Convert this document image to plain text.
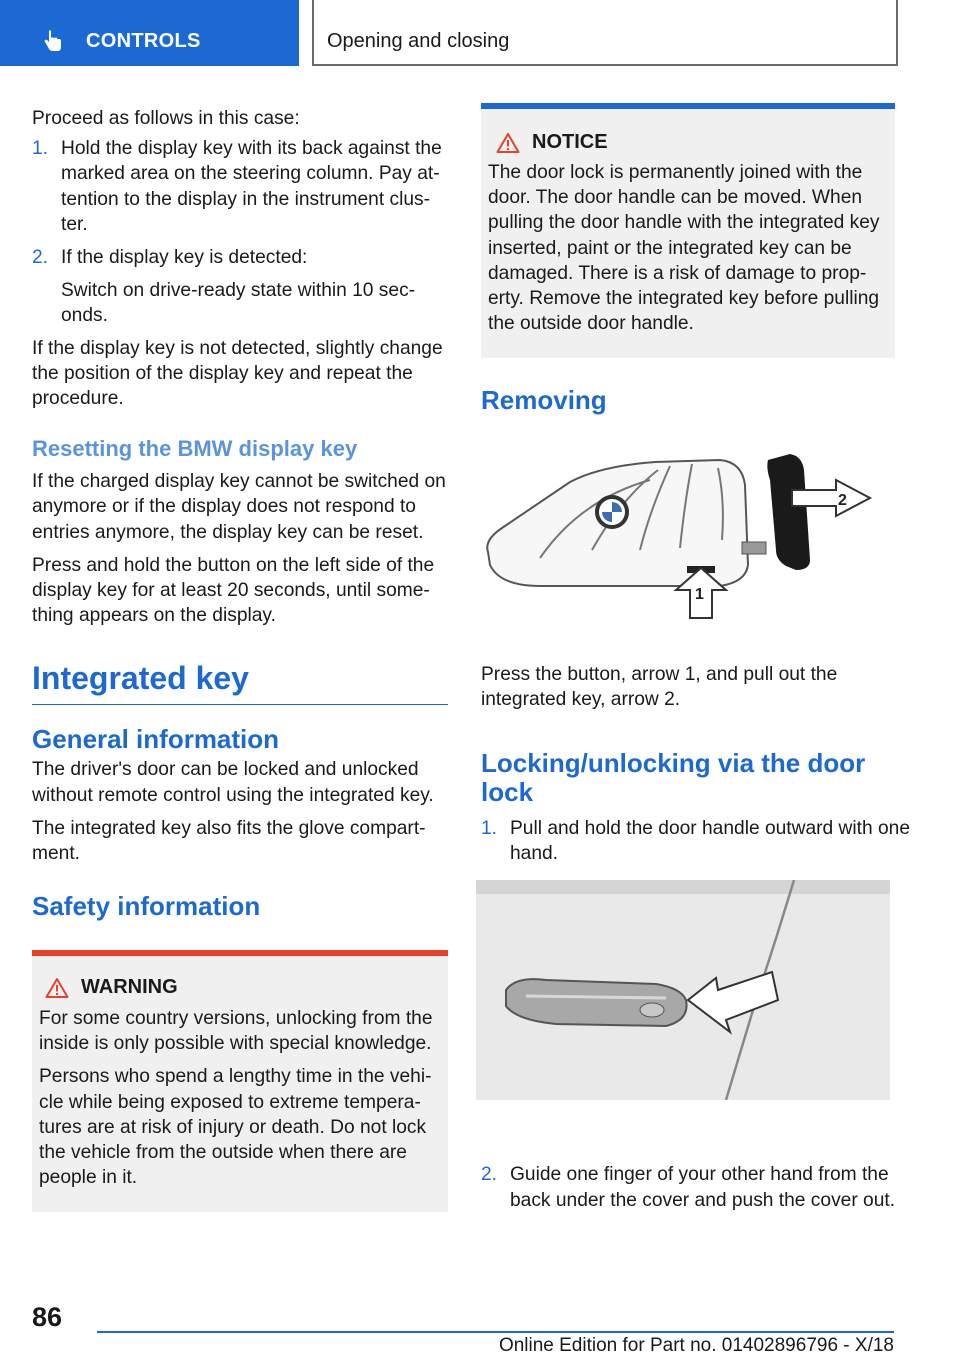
CONTROLS	Opening and closing

Proceed as follows in this case:

1. Hold the display key with its back against the marked area on the steering column. Pay attention to the display in the instrument cluster.
2. If the display key is detected:

Switch on drive-ready state within 10 seconds.

If the display key is not detected, slightly change the position of the display key and repeat the procedure.

Resetting the BMW display key

If the charged display key cannot be switched on anymore or if the display does not respond to entries anymore, the display key can be reset.

Press and hold the button on the left side of the display key for at least 20 seconds, until something appears on the display.

Integrated key
General information

The driver's door can be locked and unlocked without remote control using the integrated key.

The integrated key also fits the glove compartment.

Safety information
WARNING

For some country versions, unlocking from the inside is only possible with special knowledge.

Persons who spend a lengthy time in the vehicle while being exposed to extreme temperatures are at risk of injury or death. Do not lock the vehicle from the outside when there are people in it.

NOTICE

The door lock is permanently joined with the door. The door handle can be moved. When pulling the door handle with the integrated key inserted, paint or the integrated key can be damaged. There is a risk of damage to property. Remove the integrated key before pulling the outside door handle.

Removing
2
1

Press the button, arrow 1, and pull out the integrated key, arrow 2.

Locking/unlocking via the door lock
1. Pull and hold the door handle outward with one hand.
2. Guide one finger of your other hand from the back under the cover and push the cover out.
86
Online Edition for Part no. 01402896796 - X/18
